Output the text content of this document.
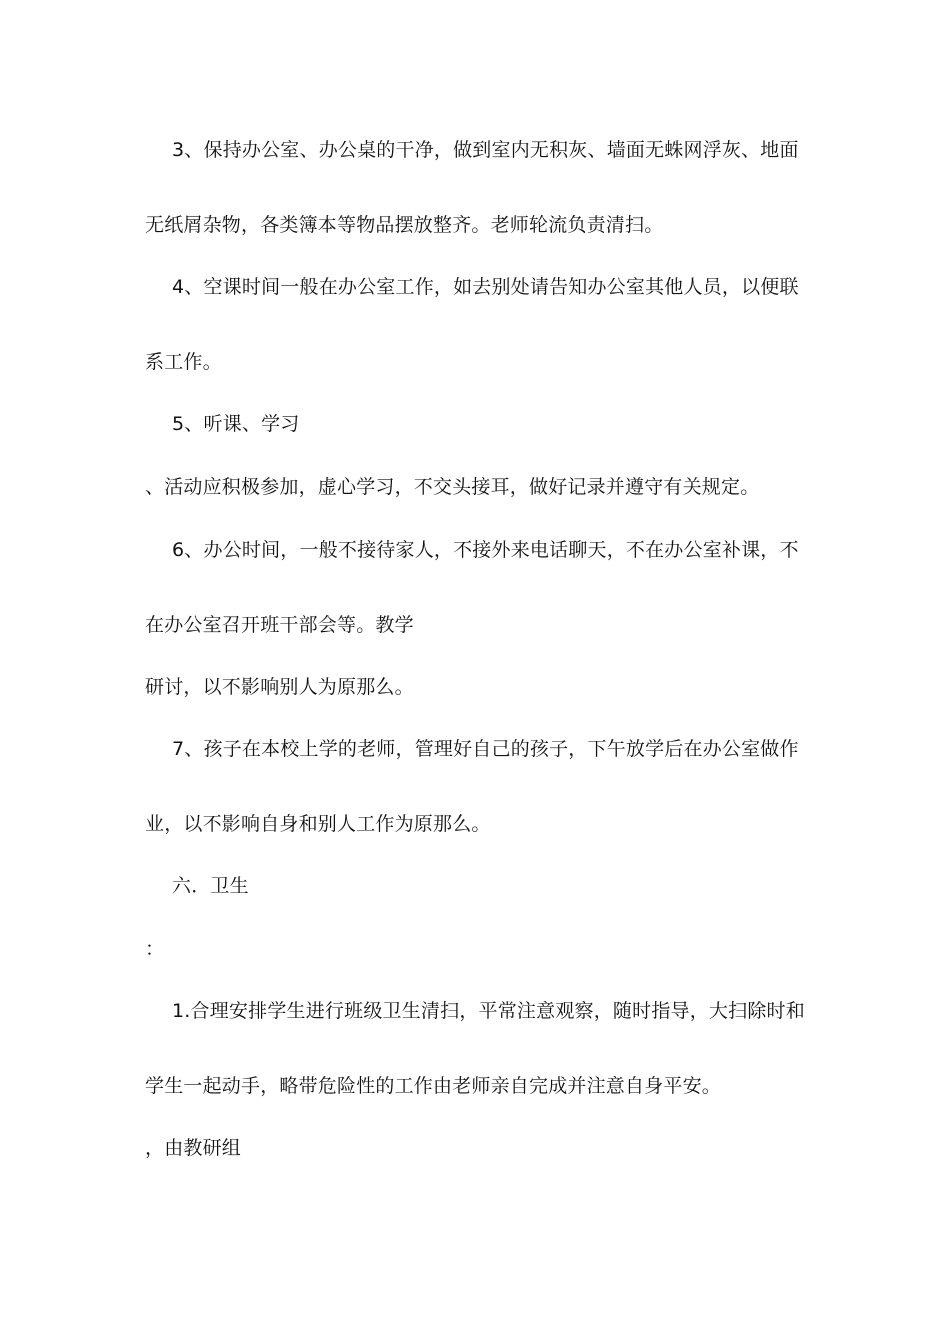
3、保持办公室、办公桌的干净，做到室内无积灰、墙面无蛛网浮灰、地面
无纸屑杂物，各类簿本等物品摆放整齐。老师轮流负责清扫。
4、空课时间一般在办公室工作，如去别处请告知办公室其他人员，以便联
系工作。
5、听课、学习
、活动应积极参加，虚心学习，不交头接耳，做好记录并遵守有关规定。
6、办公时间，一般不接待家人，不接外来电话聊天，不在办公室补课，不
在办公室召开班干部会等。教学
研讨，以不影响别人为原那么。
7、孩子在本校上学的老师，管理好自己的孩子，下午放学后在办公室做作
业，以不影响自身和别人工作为原那么。
六．卫生
：
1.合理安排学生进行班级卫生清扫，平常注意观察，随时指导，大扫除时和
学生一起动手，略带危险性的工作由老师亲自完成并注意自身平安。
，由教研组
